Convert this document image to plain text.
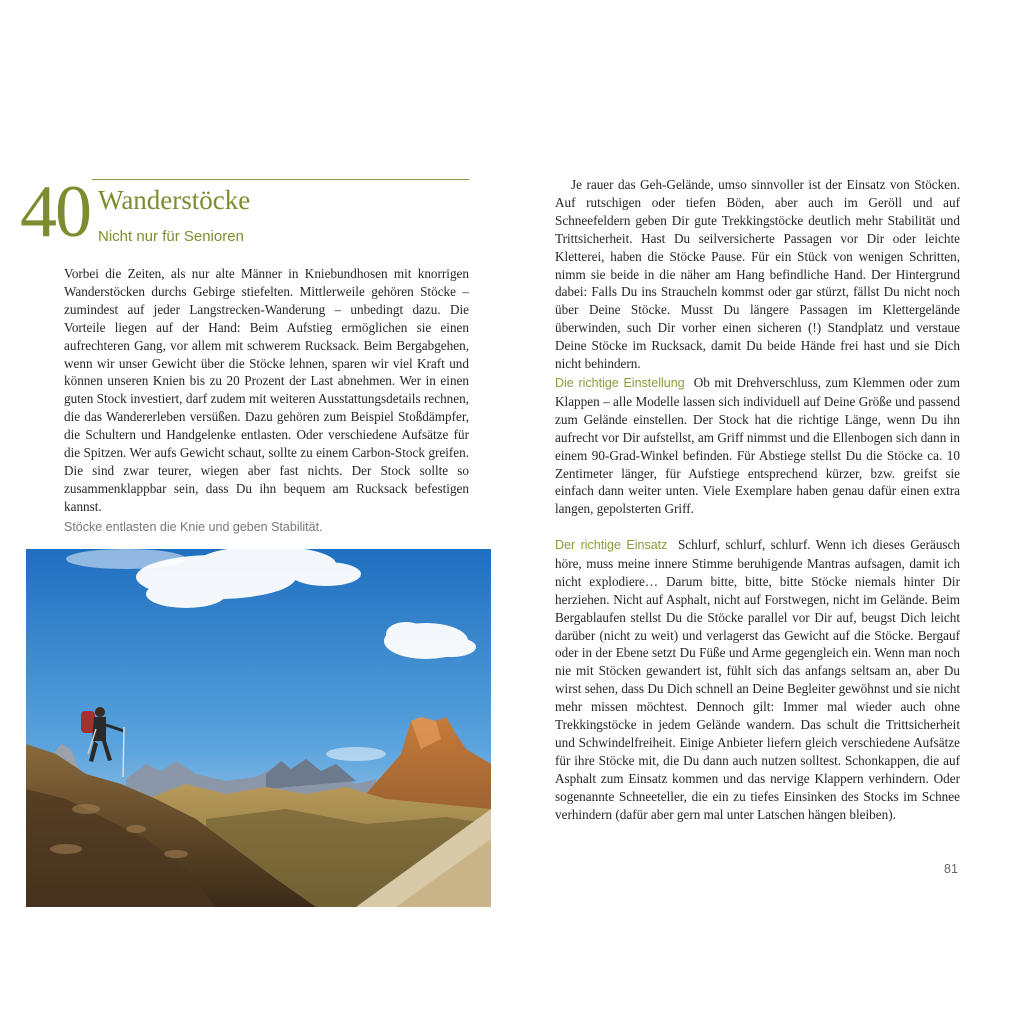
40 Wanderstöcke
Nicht nur für Senioren

Vorbei die Zeiten, als nur alte Männer in Kniebundhosen mit knorrigen Wanderstöcken durchs Gebirge stiefelten. Mittlerweile gehören Stöcke – zumindest auf jeder Langstrecken-Wanderung – unbedingt dazu. Die Vorteile liegen auf der Hand: Beim Aufstieg ermöglichen sie einen aufrechteren Gang, vor allem mit schwerem Rucksack. Beim Bergabgehen, wenn wir unser Gewicht über die Stöcke lehnen, sparen wir viel Kraft und können unseren Knien bis zu 20 Prozent der Last abnehmen. Wer in einen guten Stock investiert, darf zudem mit weiteren Ausstattungsdetails rechnen, die das Wandererleben versüßen. Dazu gehören zum Beispiel Stoßdämpfer, die Schultern und Handgelenke entlasten. Oder verschiedene Aufsätze für die Spitzen. Wer aufs Gewicht schaut, sollte zu einem Carbon-Stock greifen. Die sind zwar teurer, wiegen aber fast nichts. Der Stock sollte so zusammenklappbar sein, dass Du ihn bequem am Rucksack befestigen kannst.

Stöcke entlasten die Knie und geben Stabilität.

Je rauer das Geh-Gelände, umso sinnvoller ist der Einsatz von Stöcken. Auf rutschigen oder tiefen Böden, aber auch im Geröll und auf Schneefeldern geben Dir gute Trekkingstöcke deutlich mehr Stabilität und Trittsicherheit. Hast Du seilversicherte Passagen vor Dir oder leichte Kletterei, haben die Stöcke Pause. Für ein Stück von wenigen Schritten, nimm sie beide in die näher am Hang befindliche Hand. Der Hintergrund dabei: Falls Du ins Straucheln kommst oder gar stürzt, fällst Du nicht noch über Deine Stöcke. Musst Du längere Passagen im Klettergelände überwinden, such Dir vorher einen sicheren (!) Standplatz und verstaue Deine Stöcke im Rucksack, damit Du beide Hände frei hast und sie Dich nicht behindern.

Die richtige Einstellung Ob mit Drehverschluss, zum Klemmen oder zum Klappen – alle Modelle lassen sich individuell auf Deine Größe und passend zum Gelände einstellen. Der Stock hat die richtige Länge, wenn Du ihn aufrecht vor Dir aufstellst, am Griff nimmst und die Ellenbogen sich dann in einem 90-Grad-Winkel befinden. Für Abstiege stellst Du die Stöcke ca. 10 Zentimeter länger, für Aufstiege entsprechend kürzer, bzw. greifst sie einfach dann weiter unten. Viele Exemplare haben genau dafür einen extra langen, gepolsterten Griff.

Der richtige Einsatz Schlurf, schlurf, schlurf. Wenn ich dieses Geräusch höre, muss meine innere Stimme beruhigende Mantras aufsagen, damit ich nicht explodiere… Darum bitte, bitte, bitte Stöcke niemals hinter Dir herziehen. Nicht auf Asphalt, nicht auf Forstwegen, nicht im Gelände. Beim Bergablaufen stellst Du die Stöcke parallel vor Dir auf, beugst Dich leicht darüber (nicht zu weit) und verlagerst das Gewicht auf die Stöcke. Bergauf oder in der Ebene setzt Du Füße und Arme gegengleich ein. Wenn man noch nie mit Stöcken gewandert ist, fühlt sich das anfangs seltsam an, aber Du wirst sehen, dass Du Dich schnell an Deine Begleiter gewöhnst und sie nicht mehr missen möchtest. Dennoch gilt: Immer mal wieder auch ohne Trekkingstöcke in jedem Gelände wandern. Das schult die Trittsicherheit und Schwindelfreiheit. Einige Anbieter liefern gleich verschiedene Aufsätze für ihre Stöcke mit, die Du dann auch nutzen solltest. Schonkappen, die auf Asphalt zum Einsatz kommen und das nervige Klappern verhindern. Oder sogenannte Schneeteller, die ein zu tiefes Einsinken des Stocks im Schnee verhindern (dafür aber gern mal unter Latschen hängen bleiben).

81
